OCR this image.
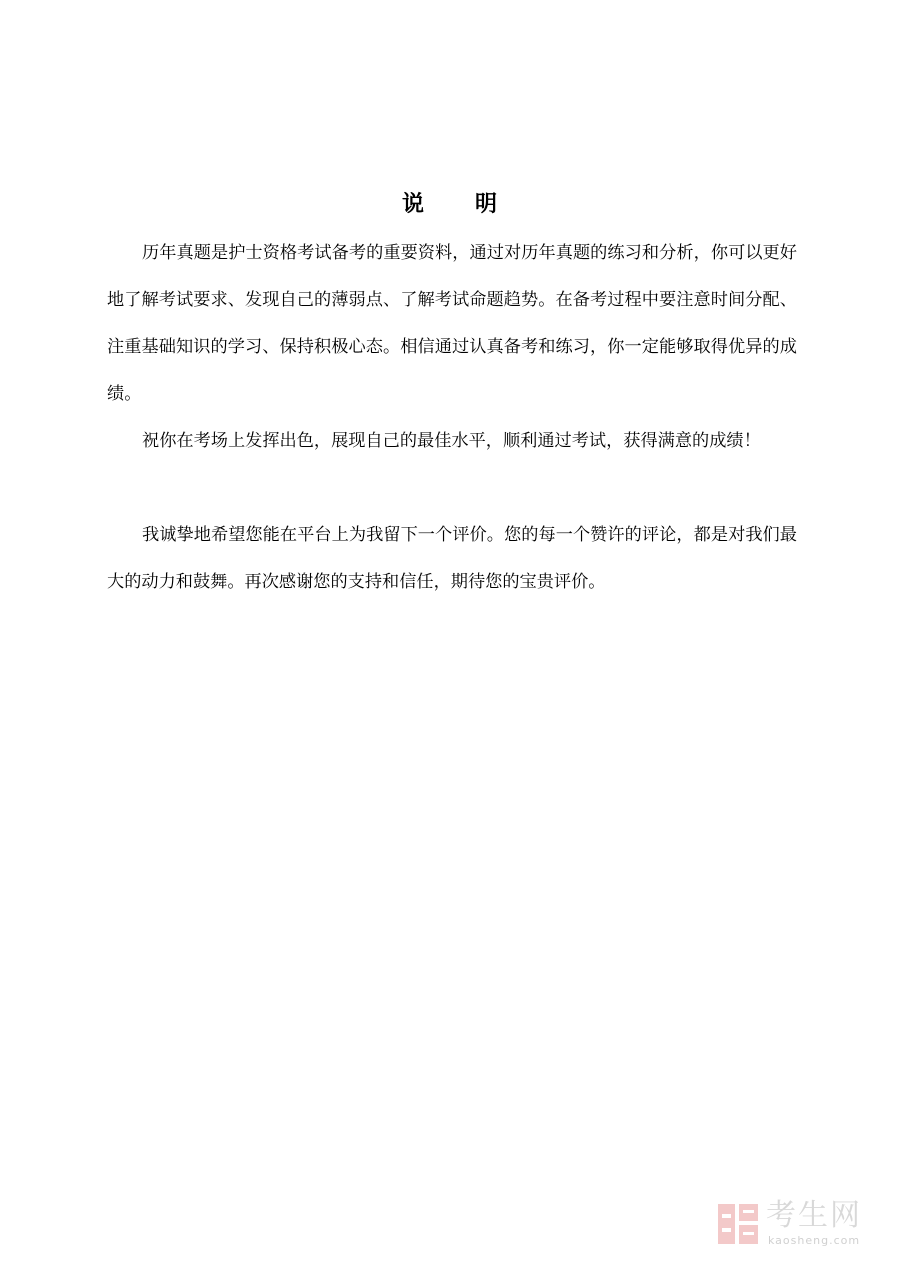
说 明

历年真题是护士资格考试备考的重要资料，通过对历年真题的练习和分析，你可以更好地了解考试要求、发现自己的薄弱点、了解考试命题趋势。在备考过程中要注意时间分配、注重基础知识的学习、保持积极心态。相信通过认真备考和练习，你一定能够取得优异的成绩。

祝你在考场上发挥出色，展现自己的最佳水平，顺利通过考试，获得满意的成绩！

我诚挚地希望您能在平台上为我留下一个评价。您的每一个赞许的评论，都是对我们最大的动力和鼓舞。再次感谢您的支持和信任，期待您的宝贵评价。

考生网
kaosheng.com
